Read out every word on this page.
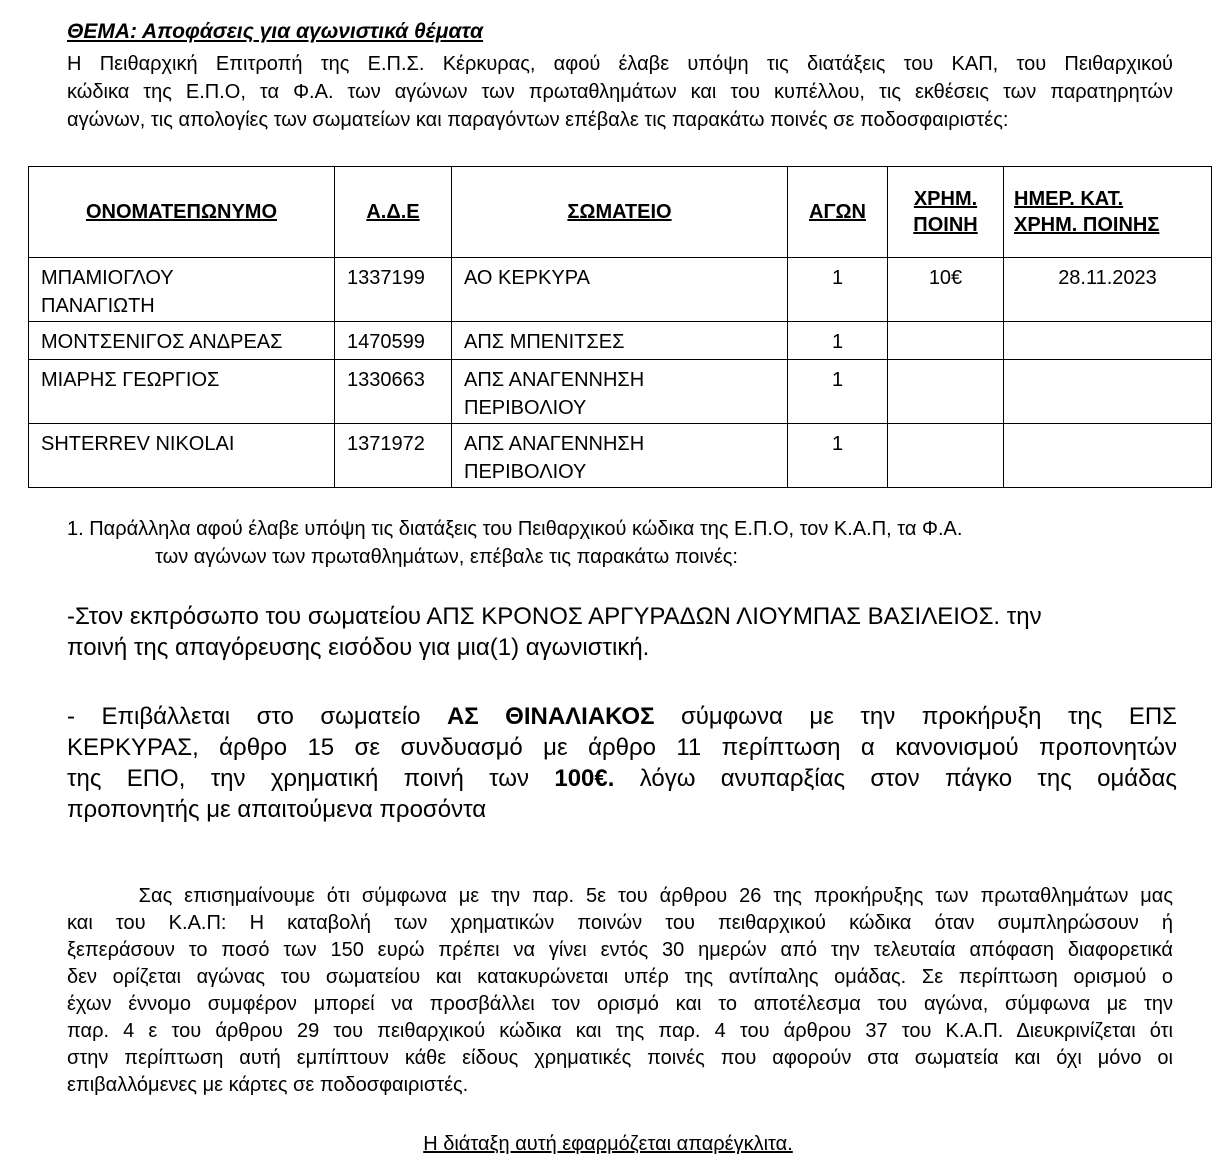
ΘΕΜΑ: Αποφάσεις για αγωνιστικά θέματα
Η Πειθαρχική Επιτροπή της Ε.Π.Σ. Κέρκυρας, αφού έλαβε υπόψη τις διατάξεις του ΚΑΠ, του Πειθαρχικού
κώδικα της Ε.Π.Ο, τα Φ.Α. των αγώνων των πρωταθλημάτων και του κυπέλλου, τις εκθέσεις των παρατηρητών
αγώνων, τις απολογίες των σωματείων και παραγόντων επέβαλε τις παρακάτω ποινές σε ποδοσφαιριστές:
ΟΝΟΜΑΤΕΠΩΝΥΜΟ	Α.Δ.Ε	ΣΩΜΑΤΕΙΟ	ΑΓΩΝ	ΧΡΗΜ.
ΠΟΙΝΗ	ΗΜΕΡ. ΚΑΤ.
ΧΡΗΜ. ΠΟΙΝΗΣ
ΜΠΑΜΙΟΓΛΟΥ
ΠΑΝΑΓΙΩΤΗ	1337199	ΑΟ ΚΕΡΚΥΡΑ	1	10€	28.11.2023
ΜΟΝΤΣΕΝΙΓΟΣ ΑΝΔΡΕΑΣ	1470599	ΑΠΣ ΜΠΕΝΙΤΣΕΣ	1		
ΜΙΑΡΗΣ ΓΕΩΡΓΙΟΣ	1330663	ΑΠΣ ΑΝΑΓΕΝΝΗΣΗ
ΠΕΡΙΒΟΛΙΟΥ	1		
SHTERREV NIKOLAI	1371972	ΑΠΣ ΑΝΑΓΕΝΝΗΣΗ
ΠΕΡΙΒΟΛΙΟΥ	1		
1. Παράλληλα αφού έλαβε υπόψη τις διατάξεις του Πειθαρχικού κώδικα της Ε.Π.Ο, τον Κ.Α.Π, τα Φ.Α.
των αγώνων των πρωταθλημάτων, επέβαλε τις παρακάτω ποινές:
-Στον εκπρόσωπο του σωματείου ΑΠΣ ΚΡΟΝΟΣ ΑΡΓΥΡΑΔΩΝ ΛΙΟΥΜΠΑΣ ΒΑΣΙΛΕΙΟΣ. την
ποινή της απαγόρευσης εισόδου για μια(1) αγωνιστική.
- Επιβάλλεται στο σωματείο ΑΣ ΘΙΝΑΛΙΑΚΟΣ σύμφωνα με την προκήρυξη της ΕΠΣ
ΚΕΡΚΥΡΑΣ, άρθρο 15 σε συνδυασμό με άρθρο 11 περίπτωση α κανονισμού προπονητών
της ΕΠΟ, την χρηματική ποινή των 100€. λόγω ανυπαρξίας στον πάγκο της ομάδας
προπονητής με απαιτούμενα προσόντα
Σας επισημαίνουμε ότι σύμφωνα με την παρ. 5ε του άρθρου 26 της προκήρυξης των πρωταθλημάτων μας
και του Κ.Α.Π: Η καταβολή των χρηματικών ποινών του πειθαρχικού κώδικα όταν συμπληρώσουν ή
ξεπεράσουν το ποσό των 150 ευρώ πρέπει να γίνει εντός 30 ημερών από την τελευταία απόφαση διαφορετικά
δεν ορίζεται αγώνας του σωματείου και κατακυρώνεται υπέρ της αντίπαλης ομάδας. Σε περίπτωση ορισμού ο
έχων έννομο συμφέρον μπορεί να προσβάλλει τον ορισμό και το αποτέλεσμα του αγώνα, σύμφωνα με την
παρ. 4 ε του άρθρου 29 του πειθαρχικού κώδικα και της παρ. 4 του άρθρου 37 του Κ.Α.Π. Διευκρινίζεται ότι
στην περίπτωση αυτή εμπίπτουν κάθε είδους χρηματικές ποινές που αφορούν στα σωματεία και όχι μόνο οι
επιβαλλόμενες με κάρτες σε ποδοσφαιριστές.
Η διάταξη αυτή εφαρμόζεται απαρέγκλιτα.
